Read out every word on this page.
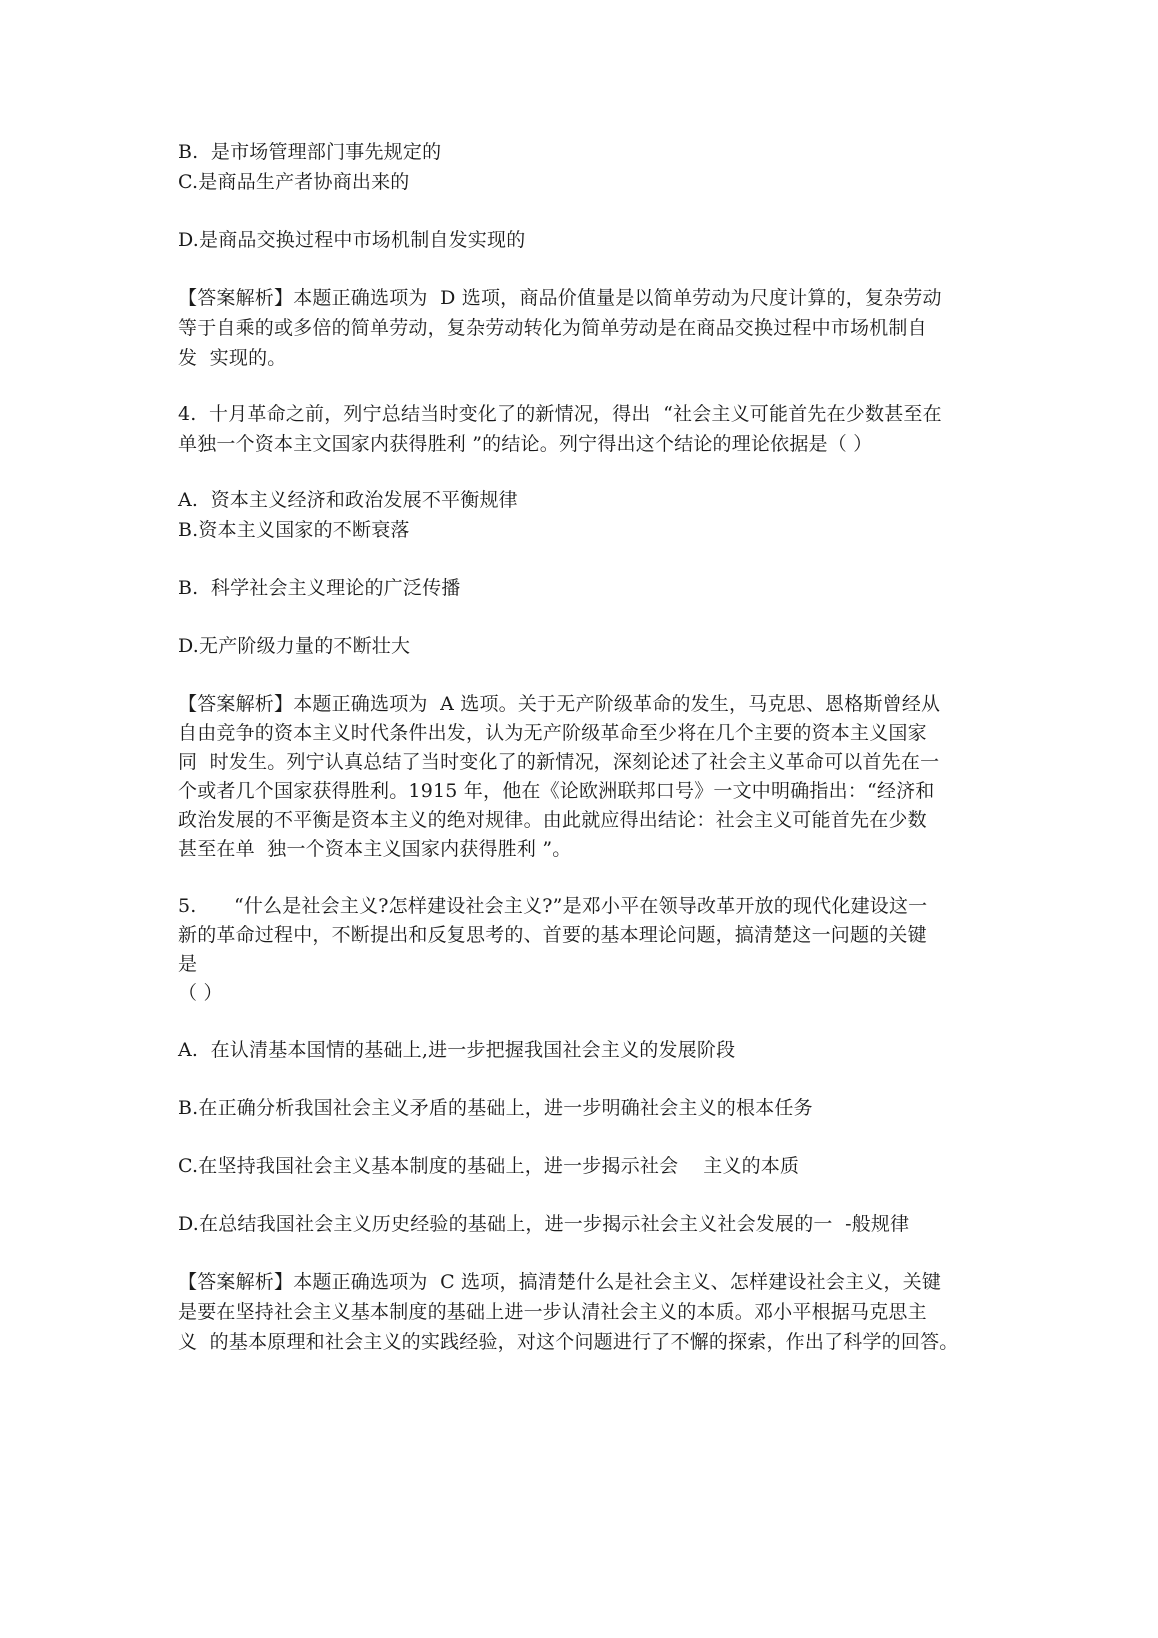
B.  是市场管理部门事先规定的
C.是商品生产者协商出来的
D.是商品交换过程中市场机制自发实现的
【答案解析】本题正确选项为  D 选项，商品价值量是以简单劳动为尺度计算的，复杂劳动
等于自乘的或多倍的简单劳动，复杂劳动转化为简单劳动是在商品交换过程中市场机制自
发  实现的。
4.  十月革命之前，列宁总结当时变化了的新情况，得出  “社会主义可能首先在少数甚至在
单独一个资本主文国家内获得胜利 ”的结论。列宁得出这个结论的理论依据是（ ）
A.  资本主义经济和政治发展不平衡规律
B.资本主义国家的不断衰落
B.  科学社会主义理论的广泛传播
D.无产阶级力量的不断壮大
【答案解析】本题正确选项为  A 选项。关于无产阶级革命的发生，马克思、恩格斯曾经从
自由竞争的资本主义时代条件出发，认为无产阶级革命至少将在几个主要的资本主义国家
同  时发生。列宁认真总结了当时变化了的新情况，深刻论述了社会主义革命可以首先在一
个或者几个国家获得胜利。1915 年，他在《论欧洲联邦口号》一文中明确指出：“经济和
政治发展的不平衡是资本主义的绝对规律。由此就应得出结论：社会主义可能首先在少数
甚至在单  独一个资本主义国家内获得胜利 ”。
5.      “什么是社会主义?怎样建设社会主义?”是邓小平在领导改革开放的现代化建设这一
新的革命过程中，不断提出和反复思考的、首要的基本理论问题，搞清楚这一问题的关键
是
（ ）
A.  在认清基本国情的基础上,进一步把握我国社会主义的发展阶段
B.在正确分析我国社会主义矛盾的基础上，进一步明确社会主义的根本任务
C.在坚持我国社会主义基本制度的基础上，进一步揭示社会    主义的本质
D.在总结我国社会主义历史经验的基础上，进一步揭示社会主义社会发展的一  -般规律
【答案解析】本题正确选项为  C 选项，搞清楚什么是社会主义、怎样建设社会主义，关键
是要在坚持社会主义基本制度的基础上进一步认清社会主义的本质。邓小平根据马克思主
义  的基本原理和社会主义的实践经验，对这个问题进行了不懈的探索，作出了科学的回答。
